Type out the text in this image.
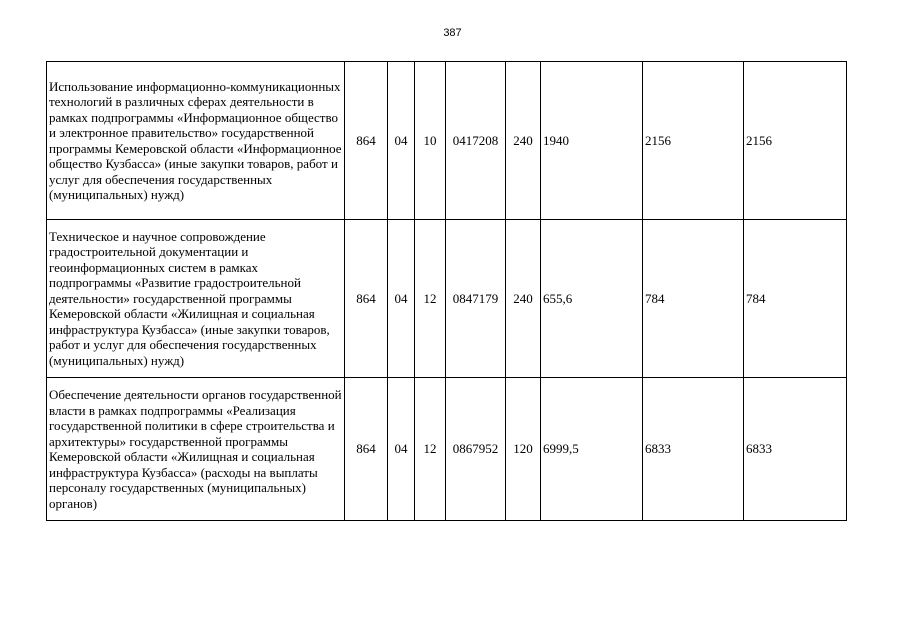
387
Использование информационно-коммуникационных технологий в различных сферах деятельности в рамках подпрограммы «Информационное общество и электронное правительство» государственной программы Кемеровской области «Информационное общество Кузбасса» (иные закупки товаров, работ и услуг для обеспечения государственных (муниципальных) нужд)	864	04	10	0417208	240	1940	2156	2156
Техническое и научное сопровождение градостроительной документации и геоинформационных систем в рамках подпрограммы «Развитие градостроительной деятельности» государственной программы Кемеровской области «Жилищная и социальная инфраструктура Кузбасса» (иные закупки товаров, работ и услуг для обеспечения государственных (муниципальных) нужд)	864	04	12	0847179	240	655,6	784	784
Обеспечение деятельности органов государственной власти в рамках подпрограммы «Реализация государственной политики в сфере строительства и архитектуры» государственной программы Кемеровской области «Жилищная и социальная инфраструктура Кузбасса» (расходы на выплаты персоналу государственных (муниципальных) органов)	864	04	12	0867952	120	6999,5	6833	6833
